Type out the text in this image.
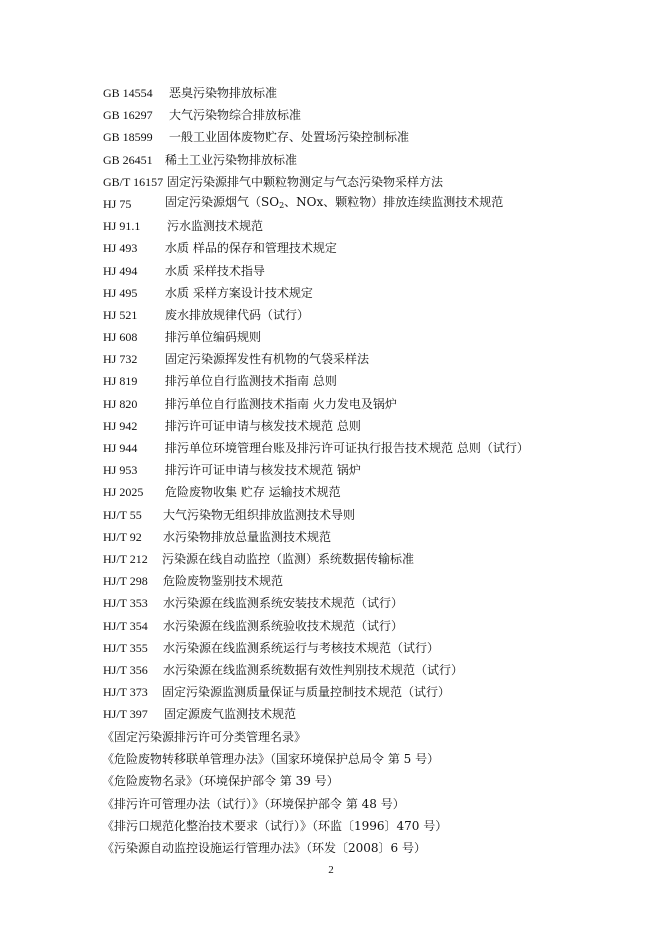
GB 14554	恶臭污染物排放标准
GB 16297	大气污染物综合排放标准
GB 18599	一般工业固体废物贮存、处置场污染控制标准
GB 26451	稀土工业污染物排放标准
GB/T 16157 固定污染源排气中颗粒物测定与气态污染物采样方法
HJ 75	固定污染源烟气（$SO_2$、NOx、颗粒物）排放连续监测技术规范
HJ 91.1	污水监测技术规范
HJ 493	水质 样品的保存和管理技术规定
HJ 494	水质 采样技术指导
HJ 495	水质 采样方案设计技术规定
HJ 521	废水排放规律代码（试行）
HJ 608	排污单位编码规则
HJ 732	固定污染源挥发性有机物的气袋采样法
HJ 819	排污单位自行监测技术指南 总则
HJ 820	排污单位自行监测技术指南 火力发电及锅炉
HJ 942	排污许可证申请与核发技术规范 总则
HJ 944	排污单位环境管理台账及排污许可证执行报告技术规范 总则（试行）
HJ 953	排污许可证申请与核发技术规范 锅炉
HJ 2025	危险废物收集 贮存 运输技术规范
HJ/T 55	大气污染物无组织排放监测技术导则
HJ/T 92	水污染物排放总量监测技术规范
HJ/T 212	污染源在线自动监控（监测）系统数据传输标准
HJ/T 298	危险废物鉴别技术规范
HJ/T 353	水污染源在线监测系统安装技术规范（试行）
HJ/T 354	水污染源在线监测系统验收技术规范（试行）
HJ/T 355	水污染源在线监测系统运行与考核技术规范（试行）
HJ/T 356	水污染源在线监测系统数据有效性判别技术规范（试行）
HJ/T 373	固定污染源监测质量保证与质量控制技术规范（试行）
HJ/T 397	固定源废气监测技术规范
《固定污染源排污许可分类管理名录》
《危险废物转移联单管理办法》（国家环境保护总局令 第 5 号）
《危险废物名录》（环境保护部令 第 39 号）
《排污许可管理办法（试行）》（环境保护部令 第 48 号）
《排污口规范化整治技术要求（试行）》（环监〔1996〕470 号）
《污染源自动监控设施运行管理办法》（环发〔2008〕6 号）
2
